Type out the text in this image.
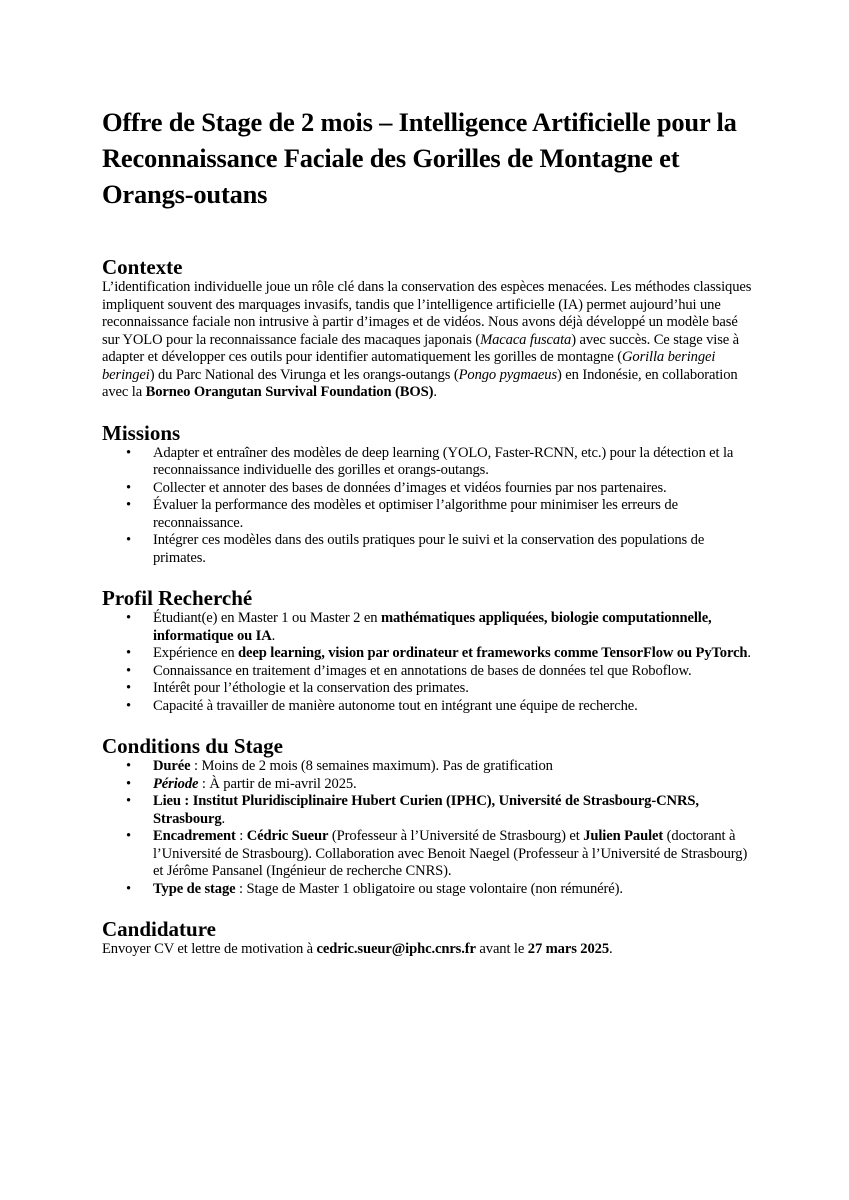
Offre de Stage de 2 mois – Intelligence Artificielle pour la Reconnaissance Faciale des Gorilles de Montagne et Orangs-outans
Contexte

L’identification individuelle joue un rôle clé dans la conservation des espèces menacées. Les méthodes classiques impliquent souvent des marquages invasifs, tandis que l’intelligence artificielle (IA) permet aujourd’hui une reconnaissance faciale non intrusive à partir d’images et de vidéos. Nous avons déjà développé un modèle basé sur YOLO pour la reconnaissance faciale des macaques japonais (Macaca fuscata) avec succès. Ce stage vise à adapter et développer ces outils pour identifier automatiquement les gorilles de montagne (Gorilla beringei beringei) du Parc National des Virunga et les orangs-outangs (Pongo pygmaeus) en Indonésie, en collaboration avec la Borneo Orangutan Survival Foundation (BOS).

Missions
• Adapter et entraîner des modèles de deep learning (YOLO, Faster-RCNN, etc.) pour la détection et la reconnaissance individuelle des gorilles et orangs-outangs.
• Collecter et annoter des bases de données d’images et vidéos fournies par nos partenaires.
• Évaluer la performance des modèles et optimiser l’algorithme pour minimiser les erreurs de reconnaissance.
• Intégrer ces modèles dans des outils pratiques pour le suivi et la conservation des populations de primates.
Profil Recherché
• Étudiant(e) en Master 1 ou Master 2 en mathématiques appliquées, biologie computationnelle, informatique ou IA.
• Expérience en deep learning, vision par ordinateur et frameworks comme TensorFlow ou PyTorch.
• Connaissance en traitement d’images et en annotations de bases de données tel que Roboflow.
• Intérêt pour l’éthologie et la conservation des primates.
• Capacité à travailler de manière autonome tout en intégrant une équipe de recherche.
Conditions du Stage
• Durée : Moins de 2 mois (8 semaines maximum). Pas de gratification
• Période : À partir de mi-avril 2025.
• Lieu : Institut Pluridisciplinaire Hubert Curien (IPHC), Université de Strasbourg-CNRS, Strasbourg.
• Encadrement : Cédric Sueur (Professeur à l’Université de Strasbourg) et Julien Paulet (doctorant à l’Université de Strasbourg). Collaboration avec Benoit Naegel (Professeur à l’Université de Strasbourg) et Jérôme Pansanel (Ingénieur de recherche CNRS).
• Type de stage : Stage de Master 1 obligatoire ou stage volontaire (non rémunéré).
Candidature

Envoyer CV et lettre de motivation à cedric.sueur@iphc.cnrs.fr avant le 27 mars 2025.
